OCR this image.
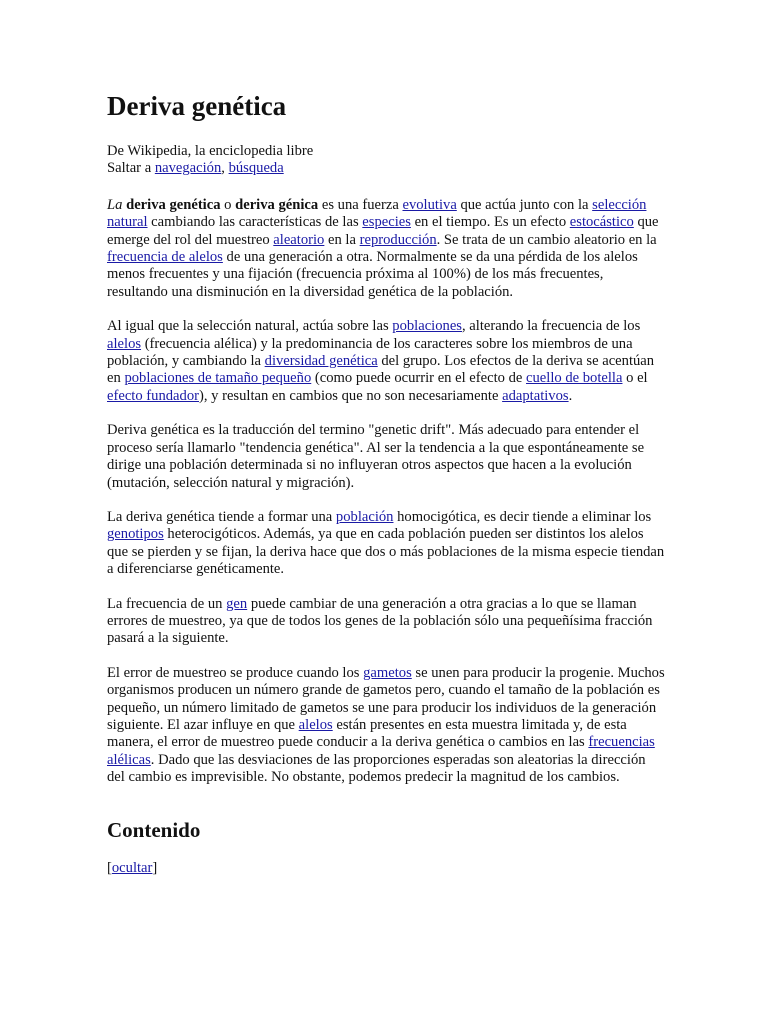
Deriva genética

De Wikipedia, la enciclopedia libre

Saltar a navegación, búsqueda

La deriva genética o deriva génica es una fuerza evolutiva que actúa junto con la selección natural cambiando las características de las especies en el tiempo. Es un efecto estocástico que emerge del rol del muestreo aleatorio en la reproducción. Se trata de un cambio aleatorio en la frecuencia de alelos de una generación a otra. Normalmente se da una pérdida de los alelos menos frecuentes y una fijación (frecuencia próxima al 100%) de los más frecuentes, resultando una disminución en la diversidad genética de la población.

Al igual que la selección natural, actúa sobre las poblaciones, alterando la frecuencia de los alelos (frecuencia alélica) y la predominancia de los caracteres sobre los miembros de una población, y cambiando la diversidad genética del grupo. Los efectos de la deriva se acentúan en poblaciones de tamaño pequeño (como puede ocurrir en el efecto de cuello de botella o el efecto fundador), y resultan en cambios que no son necesariamente adaptativos.

Deriva genética es la traducción del termino "genetic drift". Más adecuado para entender el proceso sería llamarlo "tendencia genética". Al ser la tendencia a la que espontáneamente se dirige una población determinada si no influyeran otros aspectos que hacen a la evolución (mutación, selección natural y migración).

La deriva genética tiende a formar una población homocigótica, es decir tiende a eliminar los genotipos heterocigóticos. Además, ya que en cada población pueden ser distintos los alelos que se pierden y se fijan, la deriva hace que dos o más poblaciones de la misma especie tiendan a diferenciarse genéticamente.

La frecuencia de un gen puede cambiar de una generación a otra gracias a lo que se llaman errores de muestreo, ya que de todos los genes de la población sólo una pequeñísima fracción pasará a la siguiente.

El error de muestreo se produce cuando los gametos se unen para producir la progenie. Muchos organismos producen un número grande de gametos pero, cuando el tamaño de la población es pequeño, un número limitado de gametos se une para producir los individuos de la generación siguiente. El azar influye en que alelos están presentes en esta muestra limitada y, de esta manera, el error de muestreo puede conducir a la deriva genética o cambios en las frecuencias alélicas. Dado que las desviaciones de las proporciones esperadas son aleatorias la dirección del cambio es imprevisible. No obstante, podemos predecir la magnitud de los cambios.

Contenido

[ocultar]
